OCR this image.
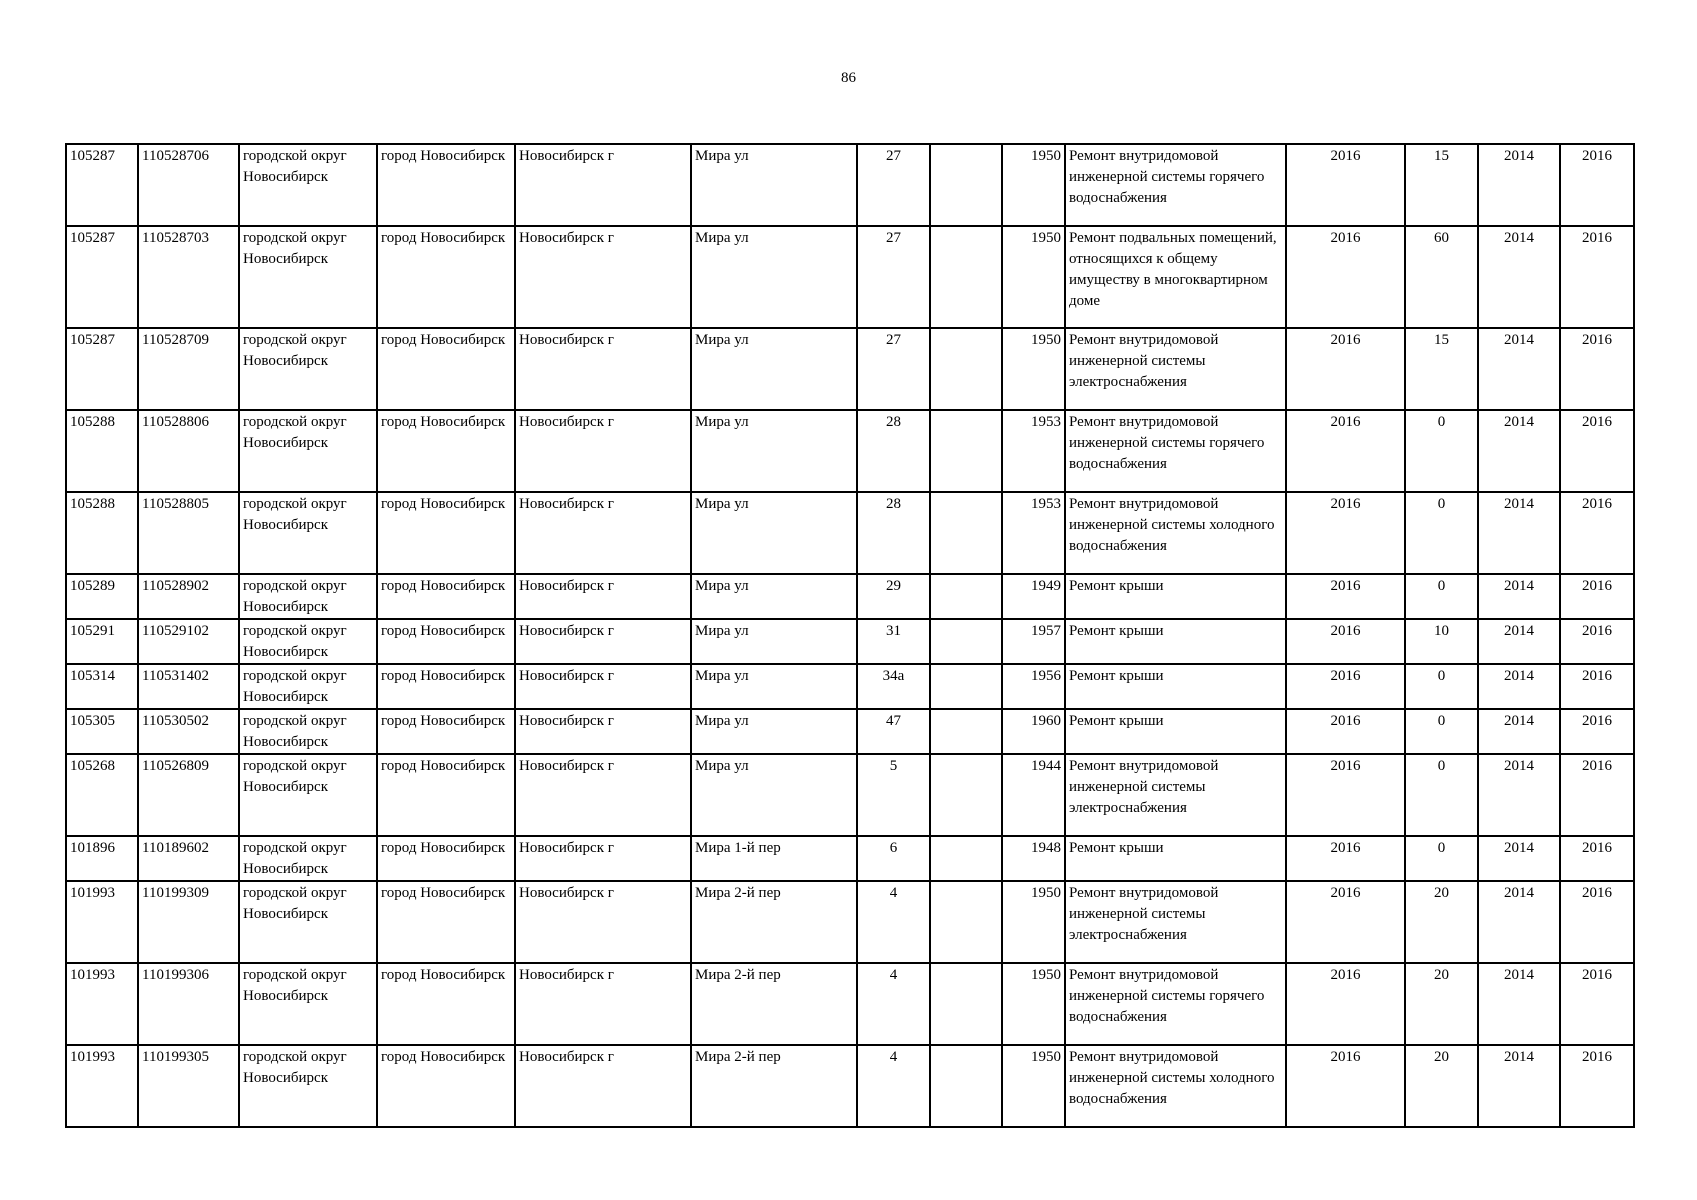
86
105287	110528706	городской округ Новосибирск	город Новосибирск	Новосибирск г	Мира ул	27		1950	Ремонт внутридомовой инженерной системы горячего водоснабжения	2016	15	2014	2016
105287	110528703	городской округ Новосибирск	город Новосибирск	Новосибирск г	Мира ул	27		1950	Ремонт подвальных помещений, относящихся к общему имуществу в многоквартирном доме	2016	60	2014	2016
105287	110528709	городской округ Новосибирск	город Новосибирск	Новосибирск г	Мира ул	27		1950	Ремонт внутридомовой инженерной системы электроснабжения	2016	15	2014	2016
105288	110528806	городской округ Новосибирск	город Новосибирск	Новосибирск г	Мира ул	28		1953	Ремонт внутридомовой инженерной системы горячего водоснабжения	2016	0	2014	2016
105288	110528805	городской округ Новосибирск	город Новосибирск	Новосибирск г	Мира ул	28		1953	Ремонт внутридомовой инженерной системы холодного водоснабжения	2016	0	2014	2016
105289	110528902	городской округ Новосибирск	город Новосибирск	Новосибирск г	Мира ул	29		1949	Ремонт крыши	2016	0	2014	2016
105291	110529102	городской округ Новосибирск	город Новосибирск	Новосибирск г	Мира ул	31		1957	Ремонт крыши	2016	10	2014	2016
105314	110531402	городской округ Новосибирск	город Новосибирск	Новосибирск г	Мира ул	34а		1956	Ремонт крыши	2016	0	2014	2016
105305	110530502	городской округ Новосибирск	город Новосибирск	Новосибирск г	Мира ул	47		1960	Ремонт крыши	2016	0	2014	2016
105268	110526809	городской округ Новосибирск	город Новосибирск	Новосибирск г	Мира ул	5		1944	Ремонт внутридомовой инженерной системы электроснабжения	2016	0	2014	2016
101896	110189602	городской округ Новосибирск	город Новосибирск	Новосибирск г	Мира 1-й пер	6		1948	Ремонт крыши	2016	0	2014	2016
101993	110199309	городской округ Новосибирск	город Новосибирск	Новосибирск г	Мира 2-й пер	4		1950	Ремонт внутридомовой инженерной системы электроснабжения	2016	20	2014	2016
101993	110199306	городской округ Новосибирск	город Новосибирск	Новосибирск г	Мира 2-й пер	4		1950	Ремонт внутридомовой инженерной системы горячего водоснабжения	2016	20	2014	2016
101993	110199305	городской округ Новосибирск	город Новосибирск	Новосибирск г	Мира 2-й пер	4		1950	Ремонт внутридомовой инженерной системы холодного водоснабжения	2016	20	2014	2016
